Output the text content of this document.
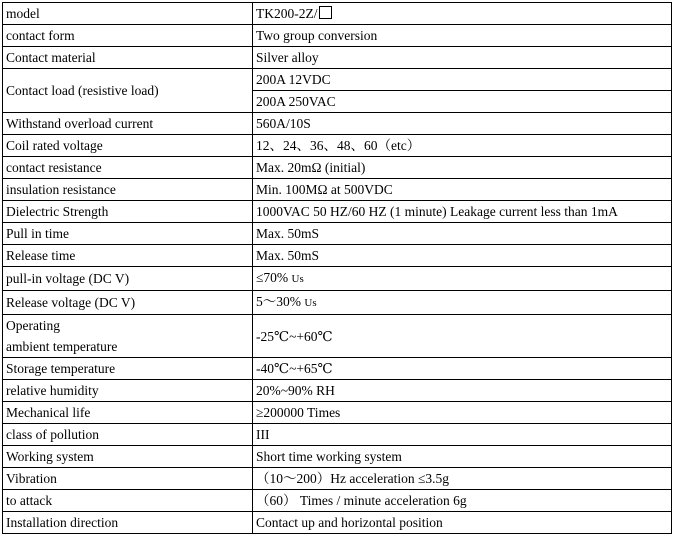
model	TK200-2Z/
contact form	Two group conversion
Contact material	Silver alloy
Contact load (resistive load)	200A 12VDC
	200A 250VAC
Withstand overload current	560A/10S
Coil rated voltage	12、24、36、48、60（etc）
contact resistance	Max. 20mΩ (initial)
insulation resistance	Min. 100MΩ at 500VDC
Dielectric Strength	1000VAC 50 HZ/60 HZ (1 minute) Leakage current less than 1mA
Pull in time	Max. 50mS
Release time	Max. 50mS
pull-in voltage (DC V)	≤70% Us
Release voltage (DC V)	5～30% Us
Operating
ambient temperature	-25℃~+60℃
Storage temperature	-40℃~+65℃
relative humidity	20%~90% RH
Mechanical life	≥200000 Times
class of pollution	III
Working system	Short time working system
Vibration	（10～200）Hz acceleration ≤3.5g
to attack	（60） Times / minute acceleration 6g
Installation direction	Contact up and horizontal position
